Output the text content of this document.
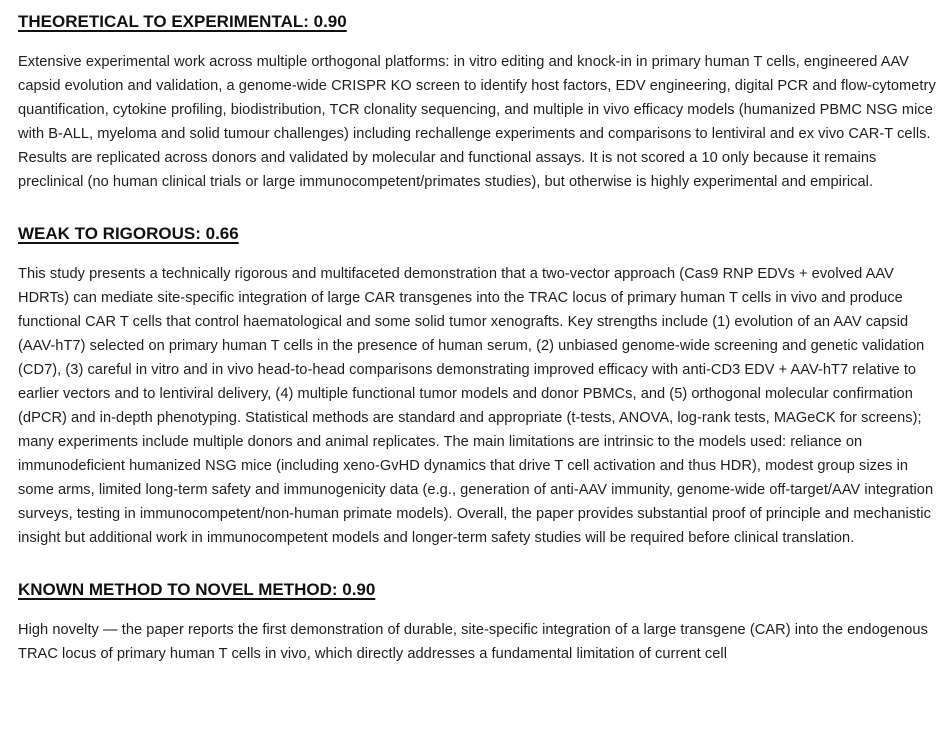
THEORETICAL TO EXPERIMENTAL: 0.90

Extensive experimental work across multiple orthogonal platforms: in vitro editing and knock-in in primary human T cells, engineered AAV capsid evolution and validation, a genome-wide CRISPR KO screen to identify host factors, EDV engineering, digital PCR and flow-cytometry quantification, cytokine profiling, biodistribution, TCR clonality sequencing, and multiple in vivo efficacy models (humanized PBMC NSG mice with B-ALL, myeloma and solid tumour challenges) including rechallenge experiments and comparisons to lentiviral and ex vivo CAR-T cells. Results are replicated across donors and validated by molecular and functional assays. It is not scored a 10 only because it remains preclinical (no human clinical trials or large immunocompetent/primates studies), but otherwise is highly experimental and empirical.

WEAK TO RIGOROUS: 0.66

This study presents a technically rigorous and multifaceted demonstration that a two-vector approach (Cas9 RNP EDVs + evolved AAV HDRTs) can mediate site-specific integration of large CAR transgenes into the TRAC locus of primary human T cells in vivo and produce functional CAR T cells that control haematological and some solid tumor xenografts. Key strengths include (1) evolution of an AAV capsid (AAV-hT7) selected on primary human T cells in the presence of human serum, (2) unbiased genome-wide screening and genetic validation (CD7), (3) careful in vitro and in vivo head-to-head comparisons demonstrating improved efficacy with anti-CD3 EDV + AAV-hT7 relative to earlier vectors and to lentiviral delivery, (4) multiple functional tumor models and donor PBMCs, and (5) orthogonal molecular confirmation (dPCR) and in-depth phenotyping. Statistical methods are standard and appropriate (t-tests, ANOVA, log-rank tests, MAGeCK for screens); many experiments include multiple donors and animal replicates. The main limitations are intrinsic to the models used: reliance on immunodeficient humanized NSG mice (including xeno-GvHD dynamics that drive T cell activation and thus HDR), modest group sizes in some arms, limited long-term safety and immunogenicity data (e.g., generation of anti-AAV immunity, genome-wide off-target/AAV integration surveys, testing in immunocompetent/non-human primate models). Overall, the paper provides substantial proof of principle and mechanistic insight but additional work in immunocompetent models and longer-term safety studies will be required before clinical translation.

KNOWN METHOD TO NOVEL METHOD: 0.90

High novelty — the paper reports the first demonstration of durable, site-specific integration of a large transgene (CAR) into the endogenous TRAC locus of primary human T cells in vivo, which directly addresses a fundamental limitation of current cell
